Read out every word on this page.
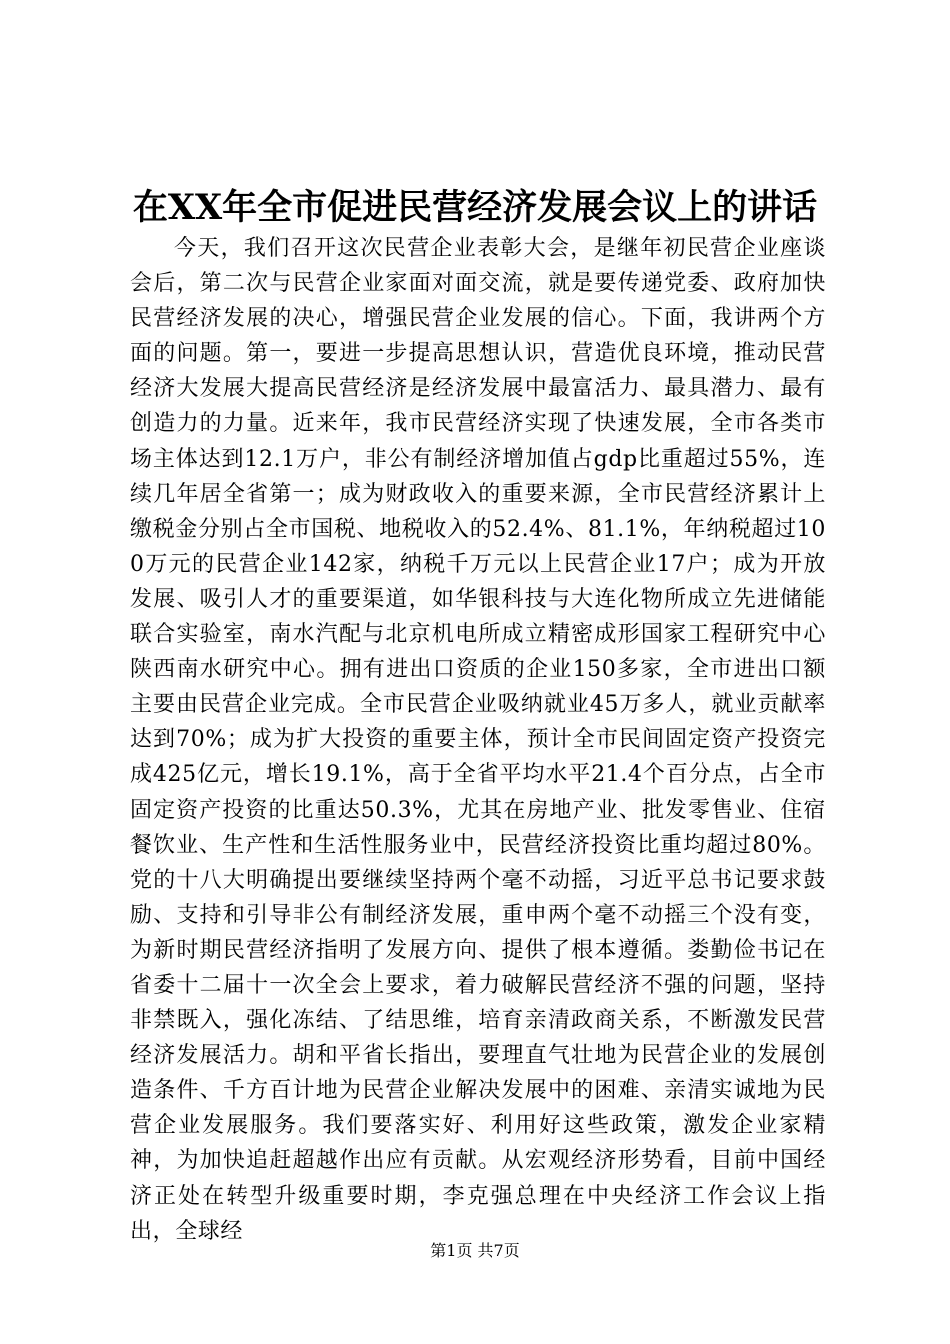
在XX年全市促进民营经济发展会议上的讲话

今天，我们召开这次民营企业表彰大会，是继年初民营企业座谈会后，第二次与民营企业家面对面交流，就是要传递党委、政府加快民营经济发展的决心，增强民营企业发展的信心。下面，我讲两个方面的问题。第一，要进一步提高思想认识，营造优良环境，推动民营经济大发展大提高民营经济是经济发展中最富活力、最具潜力、最有创造力的力量。近来年，我市民营经济实现了快速发展，全市各类市场主体达到12.1万户，非公有制经济增加值占gdp比重超过55%，连续几年居全省第一；成为财政收入的重要来源，全市民营经济累计上缴税金分别占全市国税、地税收入的52.4%、81.1%，年纳税超过100万元的民营企业142家，纳税千万元以上民营企业17户；成为开放发展、吸引人才的重要渠道，如华银科技与大连化物所成立先进储能联合实验室，南水汽配与北京机电所成立精密成形国家工程研究中心陕西南水研究中心。拥有进出口资质的企业150多家，全市进出口额主要由民营企业完成。全市民营企业吸纳就业45万多人，就业贡献率达到70%；成为扩大投资的重要主体，预计全市民间固定资产投资完成425亿元，增长19.1%，高于全省平均水平21.4个百分点，占全市固定资产投资的比重达50.3%，尤其在房地产业、批发零售业、住宿餐饮业、生产性和生活性服务业中，民营经济投资比重均超过80%。党的十八大明确提出要继续坚持两个毫不动摇，习近平总书记要求鼓励、支持和引导非公有制经济发展，重申两个毫不动摇三个没有变，为新时期民营经济指明了发展方向、提供了根本遵循。娄勤俭书记在省委十二届十一次全会上要求，着力破解民营经济不强的问题，坚持非禁既入，强化冻结、了结思维，培育亲清政商关系，不断激发民营经济发展活力。胡和平省长指出，要理直气壮地为民营企业的发展创造条件、千方百计地为民营企业解决发展中的困难、亲清实诚地为民营企业发展服务。我们要落实好、利用好这些政策，激发企业家精神，为加快追赶超越作出应有贡献。从宏观经济形势看，目前中国经济正处在转型升级重要时期，李克强总理在中央经济工作会议上指出，全球经

第1页 共7页
